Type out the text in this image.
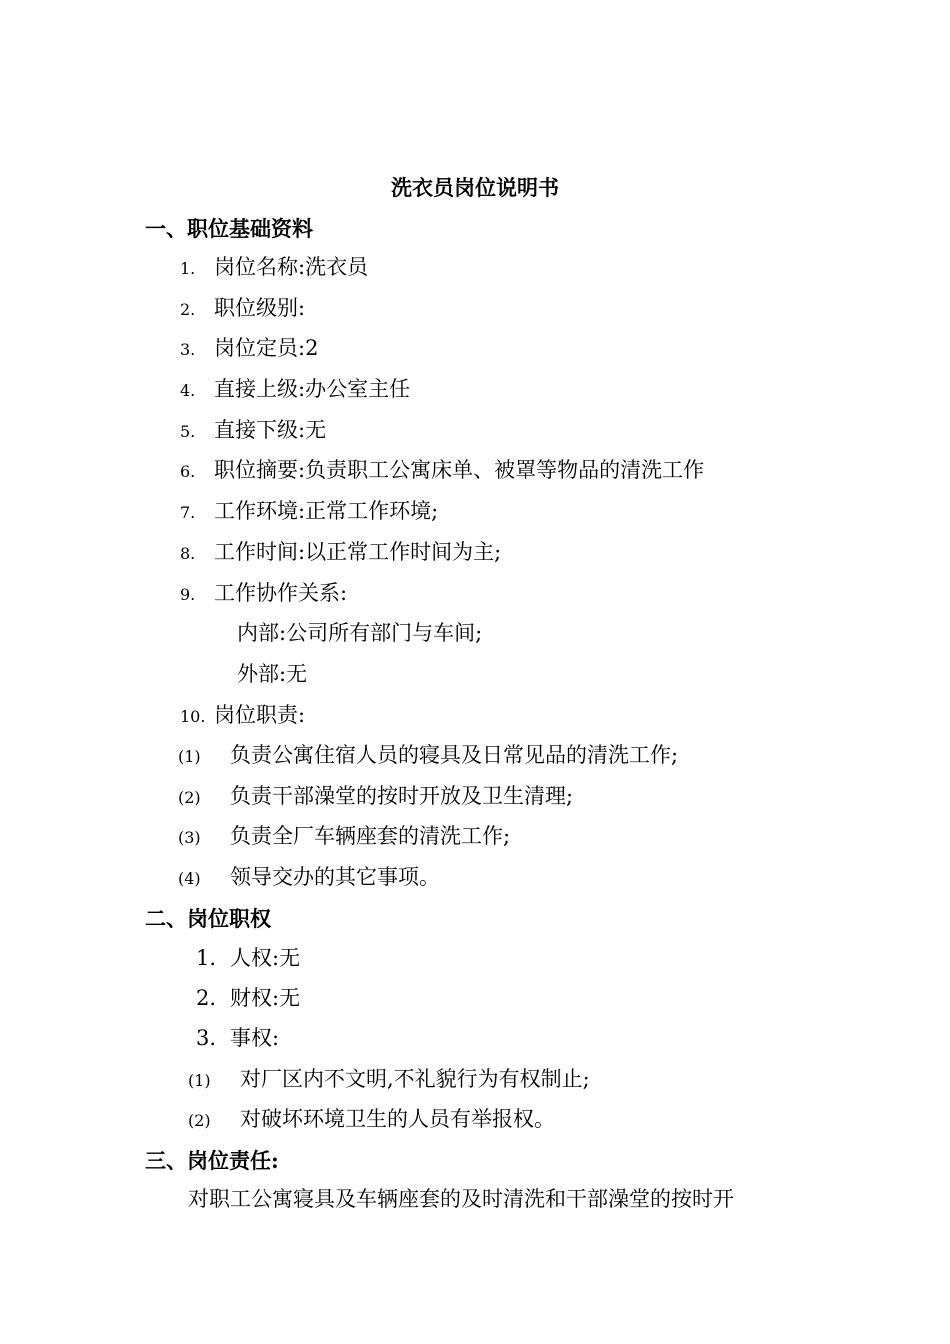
洗衣员岗位说明书
一、职位基础资料
1. 岗位名称:洗衣员
2. 职位级别:
3. 岗位定员:2
4. 直接上级:办公室主任
5. 直接下级:无
6. 职位摘要:负责职工公寓床单、被罩等物品的清洗工作
7. 工作环境:正常工作环境;
8. 工作时间:以正常工作时间为主;
9. 工作协作关系:
内部:公司所有部门与车间;
外部:无
10. 岗位职责:
(1) 负责公寓住宿人员的寝具及日常见品的清洗工作;
(2) 负责干部澡堂的按时开放及卫生清理;
(3) 负责全厂车辆座套的清洗工作;
(4) 领导交办的其它事项。
二、岗位职权
1. 人权:无
2. 财权:无
3. 事权:
(1) 对厂区内不文明,不礼貌行为有权制止;
(2) 对破坏环境卫生的人员有举报权。
三、岗位责任:
对职工公寓寝具及车辆座套的及时清洗和干部澡堂的按时开
